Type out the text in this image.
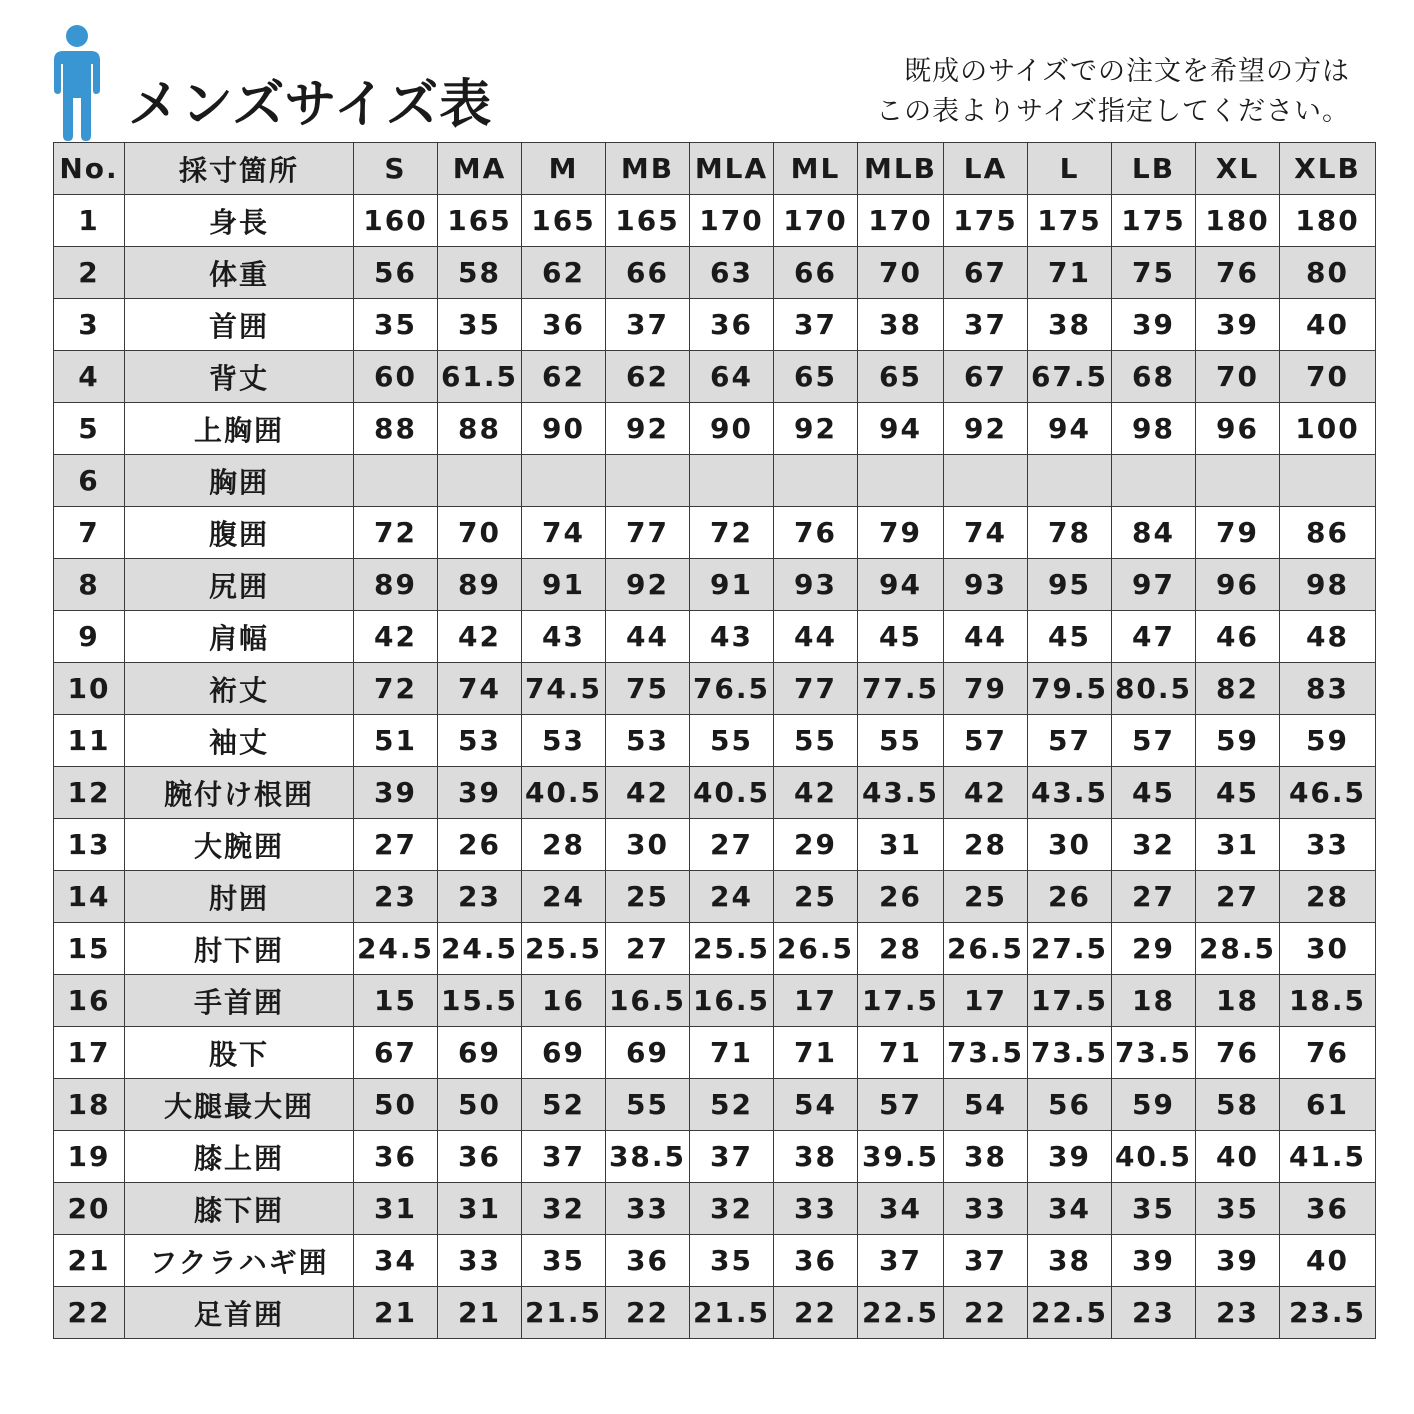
メンズサイズ表
既成のサイズでの注文を希望の方は
この表よりサイズ指定してください。
No.	採寸箇所	S	MA	M	MB	MLA	ML	MLB	LA	L	LB	XL	XLB
1	身長	160	165	165	165	170	170	170	175	175	175	180	180
2	体重	56	58	62	66	63	66	70	67	71	75	76	80
3	首囲	35	35	36	37	36	37	38	37	38	39	39	40
4	背丈	60	61.5	62	62	64	65	65	67	67.5	68	70	70
5	上胸囲	88	88	90	92	90	92	94	92	94	98	96	100
6	胸囲												
7	腹囲	72	70	74	77	72	76	79	74	78	84	79	86
8	尻囲	89	89	91	92	91	93	94	93	95	97	96	98
9	肩幅	42	42	43	44	43	44	45	44	45	47	46	48
10	裄丈	72	74	74.5	75	76.5	77	77.5	79	79.5	80.5	82	83
11	袖丈	51	53	53	53	55	55	55	57	57	57	59	59
12	腕付け根囲	39	39	40.5	42	40.5	42	43.5	42	43.5	45	45	46.5
13	大腕囲	27	26	28	30	27	29	31	28	30	32	31	33
14	肘囲	23	23	24	25	24	25	26	25	26	27	27	28
15	肘下囲	24.5	24.5	25.5	27	25.5	26.5	28	26.5	27.5	29	28.5	30
16	手首囲	15	15.5	16	16.5	16.5	17	17.5	17	17.5	18	18	18.5
17	股下	67	69	69	69	71	71	71	73.5	73.5	73.5	76	76
18	大腿最大囲	50	50	52	55	52	54	57	54	56	59	58	61
19	膝上囲	36	36	37	38.5	37	38	39.5	38	39	40.5	40	41.5
20	膝下囲	31	31	32	33	32	33	34	33	34	35	35	36
21	フクラハギ囲	34	33	35	36	35	36	37	37	38	39	39	40
22	足首囲	21	21	21.5	22	21.5	22	22.5	22	22.5	23	23	23.5
